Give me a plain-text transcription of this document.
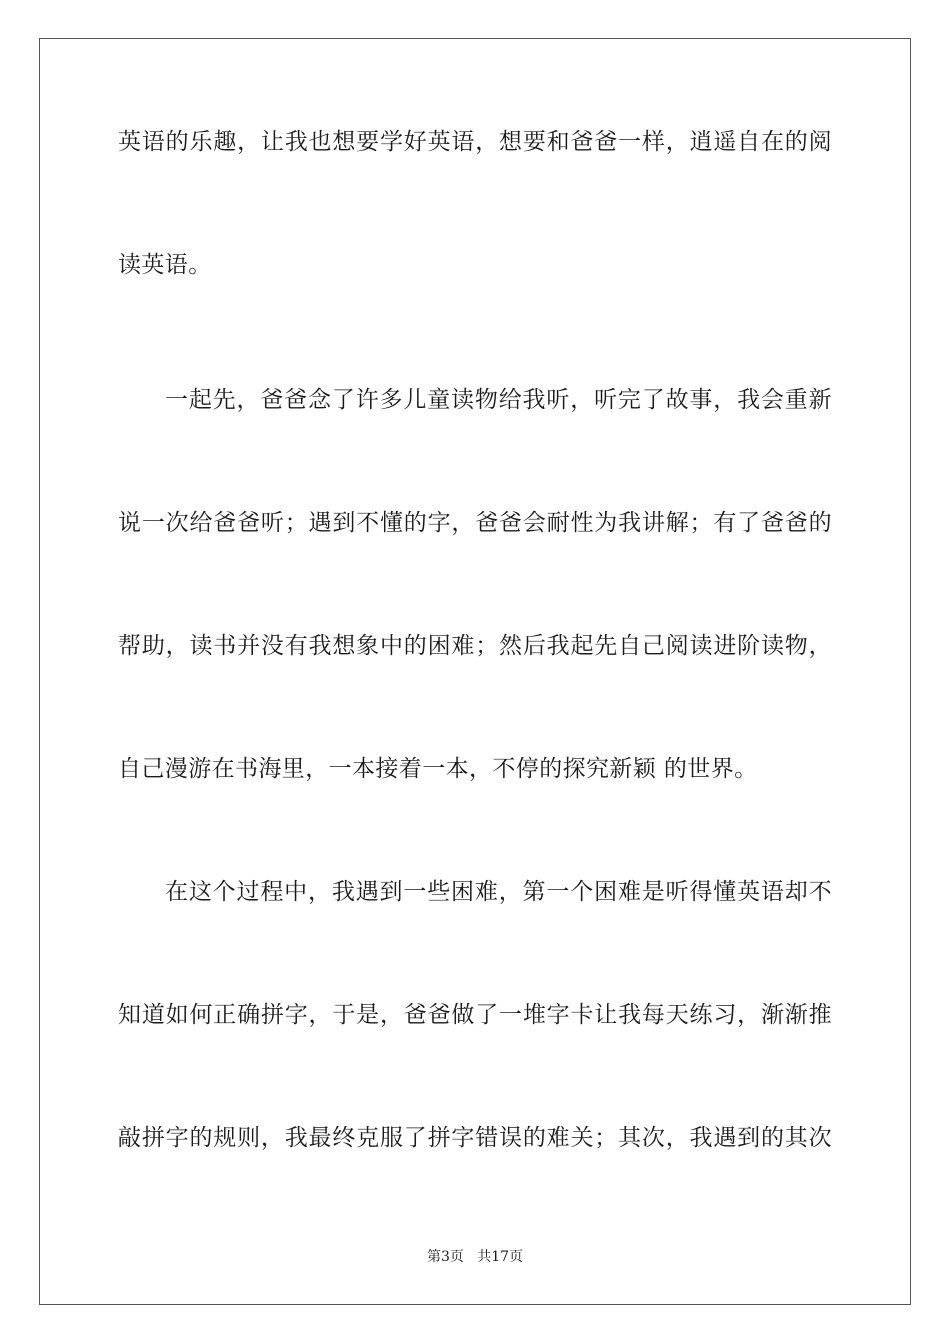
英语的乐趣，让我也想要学好英语，想要和爸爸一样，逍遥自在的阅
读英语。
一起先，爸爸念了许多儿童读物给我听，听完了故事，我会重新
说一次给爸爸听；遇到不懂的字，爸爸会耐性为我讲解；有了爸爸的
帮助，读书并没有我想象中的困难；然后我起先自己阅读进阶读物，
自己漫游在书海里，一本接着一本，不停的探究新颖 的世界。
在这个过程中，我遇到一些困难，第一个困难是听得懂英语却不
知道如何正确拼字，于是，爸爸做了一堆字卡让我每天练习，渐渐推
敲拼字的规则，我最终克服了拼字错误的难关；其次，我遇到的其次
第3页   共17页
